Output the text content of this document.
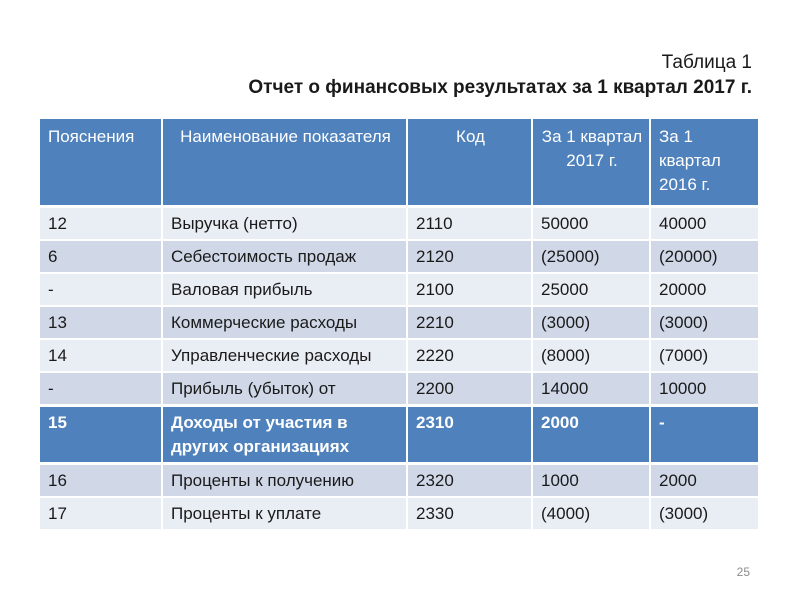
Таблица 1
Отчет о финансовых результатах за 1 квартал 2017 г.
Пояснения	Наименование показателя	Код	За 1 квартал 2017 г.	За 1 квартал 2016 г.
12	Выручка (нетто)	2110	50000	40000
6	Себестоимость продаж	2120	(25000)	(20000)
-	Валовая прибыль	2100	25000	20000
13	Коммерческие расходы	2210	(3000)	(3000)
14	Управленческие расходы	2220	(8000)	(7000)
-	Прибыль (убыток) от	2200	14000	10000
15	Доходы от участия в других организациях	2310	2000	-
16	Проценты к получению	2320	1000	2000
17	Проценты к уплате	2330	(4000)	(3000)
25
